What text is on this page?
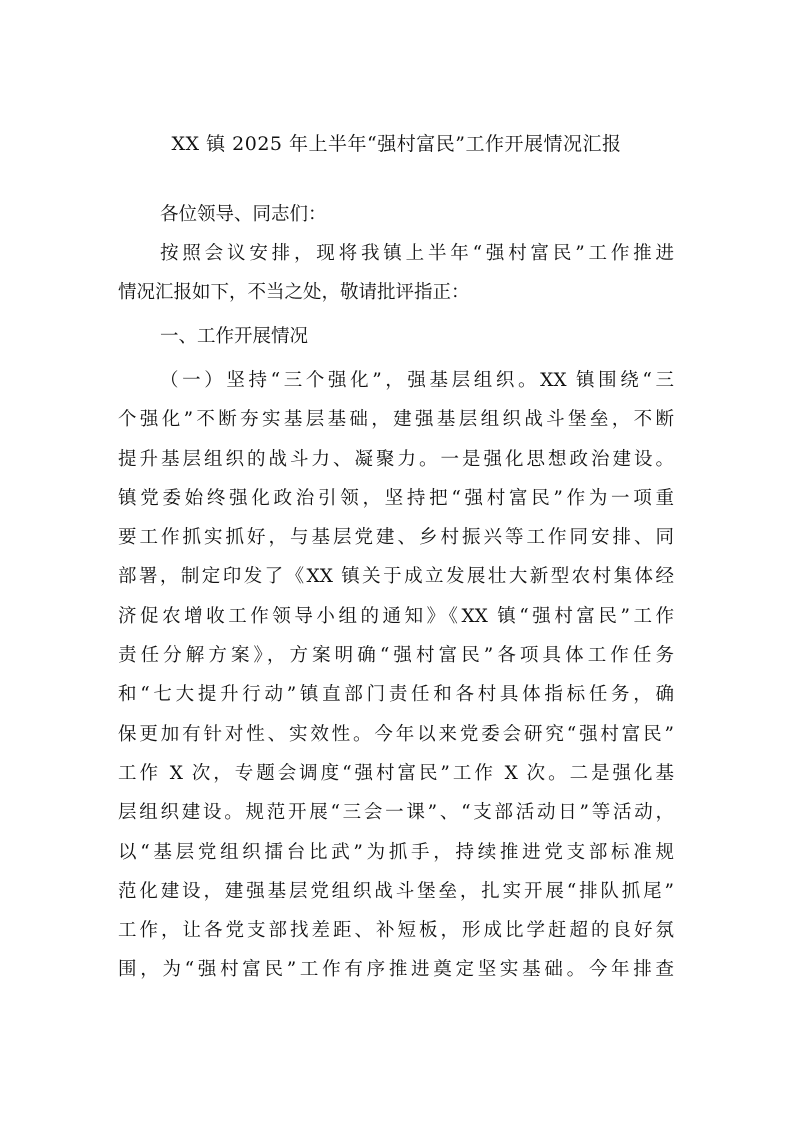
XX 镇 2025 年上半年“强村富民”工作开展情况汇报
各位领导、同志们：
按照会议安排，现将我镇上半年“强村富民”工作推进
情况汇报如下，不当之处，敬请批评指正：
一、工作开展情况
（一）坚持“三个强化”，强基层组织。XX 镇围绕“三
个强化”不断夯实基层基础，建强基层组织战斗堡垒，不断
提升基层组织的战斗力、凝聚力。一是强化思想政治建设。
镇党委始终强化政治引领，坚持把“强村富民”作为一项重
要工作抓实抓好，与基层党建、乡村振兴等工作同安排、同
部署，制定印发了《XX 镇关于成立发展壮大新型农村集体经
济促农增收工作领导小组的通知》《XX 镇“强村富民”工作
责任分解方案》，方案明确“强村富民”各项具体工作任务
和“七大提升行动”镇直部门责任和各村具体指标任务，确
保更加有针对性、实效性。今年以来党委会研究“强村富民”
工作 X 次，专题会调度“强村富民”工作 X 次。二是强化基
层组织建设。规范开展“三会一课”、“支部活动日”等活动，
以“基层党组织擂台比武”为抓手，持续推进党支部标准规
范化建设，建强基层党组织战斗堡垒，扎实开展“排队抓尾”
工作，让各党支部找差距、补短板，形成比学赶超的良好氛
围，为“强村富民”工作有序推进奠定坚实基础。今年排查
